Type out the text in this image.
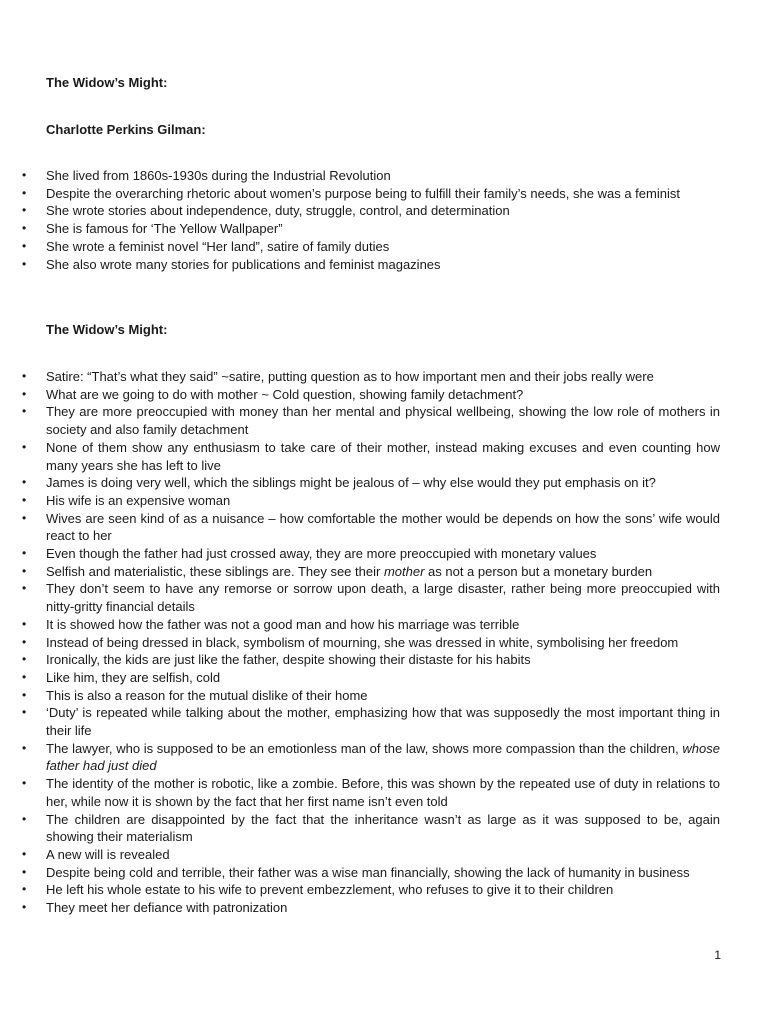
The Widow’s Might:

Charlotte Perkins Gilman:

• She lived from 1860s-1930s during the Industrial Revolution
• Despite the overarching rhetoric about women’s purpose being to fulfill their family’s needs, she was a feminist
• She wrote stories about independence, duty, struggle, control, and determination
• She is famous for ‘The Yellow Wallpaper”
• She wrote a feminist novel “Her land”, satire of family duties
• She also wrote many stories for publications and feminist magazines

The Widow’s Might:

• Satire: “That’s what they said” ~satire, putting question as to how important men and their jobs really were
• What are we going to do with mother ~ Cold question, showing family detachment?
• They are more preoccupied with money than her mental and physical wellbeing, showing the low role of mothers in society and also family detachment
• None of them show any enthusiasm to take care of their mother, instead making excuses and even counting how many years she has left to live
• James is doing very well, which the siblings might be jealous of – why else would they put emphasis on it?
• His wife is an expensive woman
• Wives are seen kind of as a nuisance – how comfortable the mother would be depends on how the sons’ wife would react to her
• Even though the father had just crossed away, they are more preoccupied with monetary values
• Selfish and materialistic, these siblings are. They see their mother as not a person but a monetary burden
• They don’t seem to have any remorse or sorrow upon death, a large disaster, rather being more preoccupied with nitty-gritty financial details
• It is showed how the father was not a good man and how his marriage was terrible
• Instead of being dressed in black, symbolism of mourning, she was dressed in white, symbolising her freedom
• Ironically, the kids are just like the father, despite showing their distaste for his habits
• Like him, they are selfish, cold
• This is also a reason for the mutual dislike of their home
• ‘Duty’ is repeated while talking about the mother, emphasizing how that was supposedly the most important thing in their life
• The lawyer, who is supposed to be an emotionless man of the law, shows more compassion than the children, whose father had just died
• The identity of the mother is robotic, like a zombie. Before, this was shown by the repeated use of duty in relations to her, while now it is shown by the fact that her first name isn’t even told
• The children are disappointed by the fact that the inheritance wasn’t as large as it was supposed to be, again showing their materialism
• A new will is revealed
• Despite being cold and terrible, their father was a wise man financially, showing the lack of humanity in business
• He left his whole estate to his wife to prevent embezzlement, who refuses to give it to their children
• They meet her defiance with patronization
1
